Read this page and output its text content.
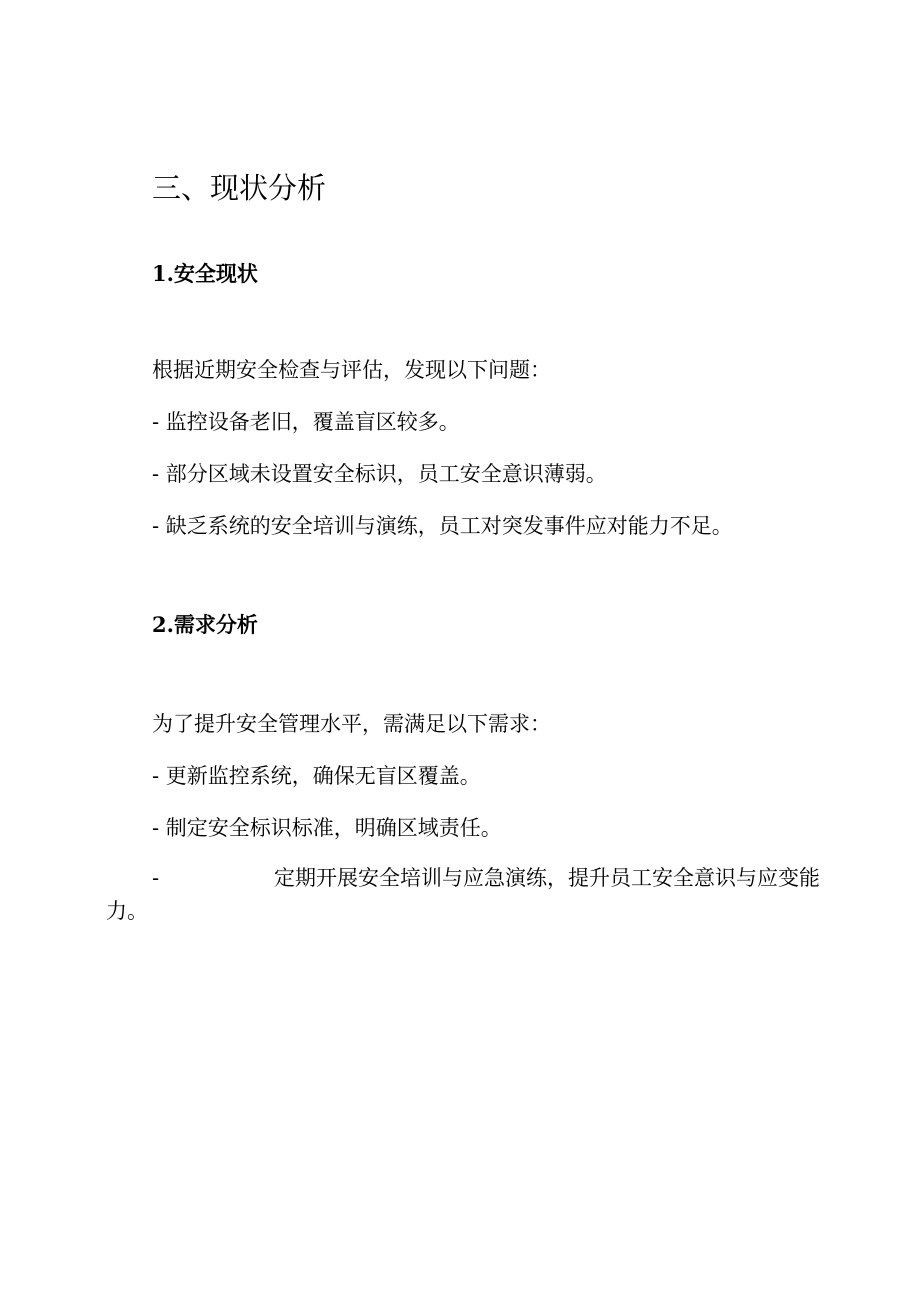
三、现状分析
1.安全现状
根据近期安全检查与评估，发现以下问题：
- 监控设备老旧，覆盖盲区较多。
- 部分区域未设置安全标识，员工安全意识薄弱。
- 缺乏系统的安全培训与演练，员工对突发事件应对能力不足。
2.需求分析
为了提升安全管理水平，需满足以下需求：
- 更新监控系统，确保无盲区覆盖。
- 制定安全标识标准，明确区域责任。
-	定期开展安全培训与应急演练，提升员工安全意识与应变能
力。
